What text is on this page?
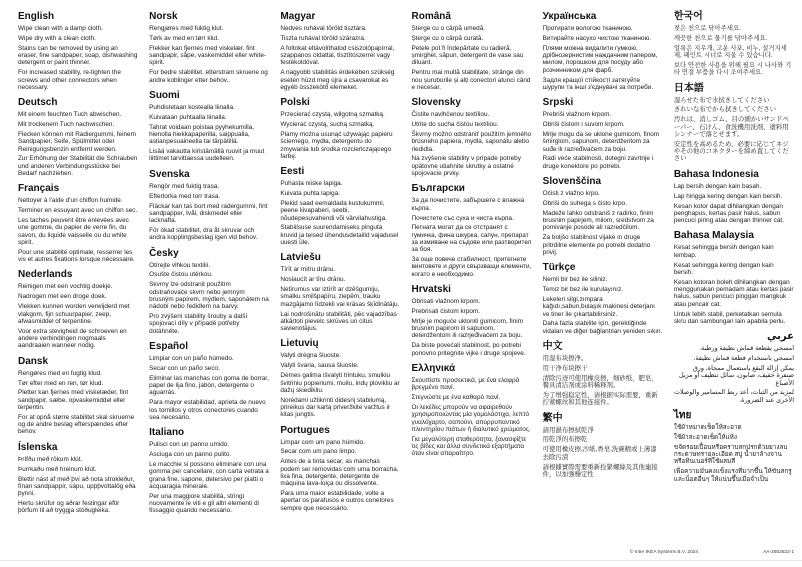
English

Wipe clean with a damp cloth.

Wipe dry with a clean cloth.

Stains can be removed by using an eraser, fine sandpaper, soap, dishwashing detergent or paint thinner.

For increased stability, re-tighten the screws and other connectors when necessary.

Deutsch

Mit einem feuchten Tuch abwischen.

Mit trockenem Tuch nachwischen.

Flecken können mit Radiergummi, feinem Sandpapier, Seife, Spülmittel oder Reinigungsbenzin entfernt werden.

Zur Erhöhung der Stabilität die Schrauben und anderen Verbindungsstücke bei Bedarf nachziehen.

Français

Nettoyer à l'aide d'un chiffon humide.

Terminer en essuyant avec un chiffon sec.

Les taches peuvent être enlevées avec une gomme, du papier de verre fin, du savon, du liquide vaisselle ou du white spirit.

Pour une stabilité optimale, resserrer les vis et autres fixations lorsque nécessaire.

Nederlands

Reinigen met een vochtig doekje.

Nadrogen met een droge doek.

Vlekken kunnen worden verwijderd met vlakgom, fijn schuurpapier, zeep, afwasmiddel of terpentine.

Voor extra stevigheid de schroeven en andere verbindingen nogmaals aandraaien wanneer nodig.

Dansk

Rengøres med en fugtig klud.

Tør efter med en ren, tør klud.

Pletter kan fjernes med viskelæder, fint sandpapir, sæbe, opvaskemiddel eller terpentin.

For at opnå større stabilitet skal skruerne og de andre beslag efterspændes efter behov.

Íslenska

Þrífðu með rökum klút.

Þurrkaðu með hreinum klút.

Blettir nást af með því að nota strokleður, fínan sandpappír, sápu, uppþvottalög eða þynni.

Hertu skrúfur og aðrar festingar eftir þörfum til að tryggja stöðugleika.

Norsk

Rengjøres med fuktig klut.

Tørk av med en tørr klut.

Flekker kan fjernes med viskelær, fint sandpapir, såpe, vaskemiddel eller white-spirit.

For bedre stabilitet, etterstram skruene og andre koblinger etter behov..

Suomi

Puhdistetaan kostealla liinalla.

Kuivataan puhtaalla liinalla.

Tahrat voidaan poistaa pyyhekumilla, hienolla hiekkapaperilla, saippualla, astianpesuaineella tai tärpätillä.

Lisää vakautta kiristämällä ruuvit ja muut liittimet tarvittaessa uudelleen.

Svenska

Rengör med fuktig trasa.

Eftertorka med torr trasa.

Fläckar kan tas bort med radergummi, fint sandpapper, tvål, diskmedel eller lacknafta.

För ökad stabilitet, dra åt skruvar och andra kopplingsbeslag igen vid behov.

Česky

Otírejte vlhkou textilií.

Osušte čistou utěrkou.

Skvrny lze odstranit použitím odstraňovače skvrn nebo jemným brusným papírem, mýdlem, saponátem na nádobí nebo ředidlem na barvy.

Pro zvýšení stability šrouby a další spojovací díly v případě potřeby dotáhněte.

Español

Limpiar con un paño húmedo.

Secar con un paño seco.

Eliminar las manchas con goma de borrar, papel de lija fino, jabón, detergente o aguarrás.

Para mayor estabilidad, aprieta de nuevo los tornillos y otros conectores cuando sea necesario.

Italiano

Pulisci con un panno umido.

Asciuga con un panno pulito.

Le macchie si possono eliminare con una gomma per cancellare, con carta vetrata a grana fine, sapone, detersivo per piatti o acquaragia minerale.

Per una maggiore stabilità, stringi nuovamente le viti e gli altri elementi di fissaggio quando necessario.

Magyar

Nedves ruhával töröld tisztára.

Tiszta ruhával töröld szárazra.

A foltokat eltávolíthatod csiszolópapírral, szappanos oldattal, tisztítószerrel vagy festékoldóval.

A nagyobb stabilitás érdekében szükség esetén húzd meg újra a csavarokat és egyéb összekötő elemeket.

Polski

Przecierać czystą, wilgotną szmatką.

Wycierać czystą, suchą szmatką.

Plamy można usunąć używając papieru ściernego, mydła, detergentu do zmywania lub środka rozcieńczającego farbę.

Eesti

Puhasta niiske lapiga.

Kuivata puhta lapiga.

Plekid saad eemaldada kustukummi, peene liivapaberi, seebi, nõudepesuvahendi või värvilahustiga.

Stabiilsuse suurendamiseks pinguta kruvid ja teised ühendusdetailid vajadusel uuesti üle.

Latviešu

Tīrīt ar mitru drānu.

Noslaucīt ar tīru drānu.

Netīrumus var iztīrīt ar dzēšgumiju, smalku smilšpapīru, ziepēm, trauku mazgājamo līdzekli vai krāsas šķīdinātāju.

Lai nodrošinātu stabilitāti, pēc vajadzības atkārtoti pievelc skrūves un citus savienotājus.

Lietuvių

Valyti drėgna šluoste.

Valyti švaria, sausa šluoste.

Dėmes galima išvalyti trintuku, smulkiu švitriniu popieriumi, muilu, indų plovikliu ar dažų skiedikliu.

Norėdami užtikrinti didesnį stabilumą, prireikus dar kartą priveržkite varžtus ir kitas jungtis.

Portugues

Limpar com um pano húmido.

Secar com um pano limpo.

Antes de a tinta secar, as manchas podem ser removidas com uma borracha, lixa fina, detergente, detergente de máquina lava-loiça ou dissolvente.

Para uma maior estabilidade, volte a apertar os parafusos e outros conetores sempre que necessário.

Română

Șterge cu o cârpă umedă.

Șterge cu o cârpă curată.

Petele pot fi îndepărtate cu radieră, șmirghel, săpun, detergent de vase sau diluant.

Pentru mai multă stabilitate, strânge din nou șuruburile și alți conectori atunci când e necesar.

Slovensky

Čistite navlhčenou textíliou.

Utrite do sucha čistou textíliou.

Škvrny možno odstrániť použitím jemného brúsneho papiera, mydla, saponátu alebo riedidla.

Na zvýšenie stability v prípade potreby opätovne utiahnite skrutky a ostatné spojovacie prvky.

Български

За да почистите, забършете с влажна кърпа.

Почистете със суха и чиста кърпа.

Петната могат да се отстранят с гумичка, фина шкурка, сапун, препарат за измиване на съдове или разтворител за боя.

За още повече стабилност, притегнете винтовете и други свързващи елементи, когато е необходимо.

Hrvatski

Obrisati vlažnom krpom.

Prebrisati čistom krpom.

Mrlje je moguće ukloniti gumicom, finim brusnim papirom ili sapunom, deterdžentom ili razrjeđivačem za boju.

Da biste povećali stabilnost, po potrebi ponovno pritegnite vijke i druge spojeve.

Ελληνικά

Σκουπίστε προσεκτικά, με ένα ελαφρά βρεγμένο πανί.

Στεγνώστε με ένα καθαρό πανί.

Οι λεκέδες μπορούν να αφαιρεθούν χρησιμοποιώντας μία γομολάστιχα, λεπτό γυαλόχαρτο, σαπούνι, απορρυπαντικό πλυντηρίου πιάτων ή διαλυτικό χρώματος.

Για μεγαλύτερη σταθερότητα, ξανασφίξτε τις βίδες και άλλα συνδετικά εξαρτήματα όταν είναι απαραίτητο.

Українська

Протирати вологою тканиною.

Витирайте насухо чистою тканиною.

Плями можна видалити гумкою, дрібнозернистим наждачним папером, милом, порошком для посуду або розчинником для фарб.

Задля кращої стійкості затягуйте шурупи та інші з'єднувачі за потреби.

Srpski

Prebriši vlažnom krpom.

Obriši čistom i suvom krpom.

Mrlje mogu da se uklone gumicom, finom šmirglom, sapunom, deterdžentom za suđe ili razređivačem za boju.

Radi veće stabilnosti, dotegni zavrtnje i druge konektore po potrebi.

Slovenščina

Očisti z vlažno krpo.

Obriši do suhega s čisto krpo.

Madeže lahko odstraniš z radirko, finim brusnim papirjem, milom, sredstvom za pomivanje posode ali razredčilom.

Za boljšo stabilnost vijake in druge pritrdilne elemente po potrebi dodatno privij.

Türkçe

Nemli bir bez ile siliniz.

Temiz bir bez ile kurulayınız.

Lekeleri silgi,zımpara kağıdı,sabun,bulaşık makinesi deterjanı ve tiner ile çıkartabilirsiniz.

Daha fazla stabilite için, gerektiğinde vidaları ve diğer bağlantıları yeniden sıkın.

中文

用湿布块擦净。

用干净布块擦干

清除污迹可使用橡皮擦，细砂纸，肥皂，餐具清洁剂或涂料稀释剂。

为了增强稳定性，请根据实际需要，重新拧紧螺丝和其他连接件。

繁中

請用濕布擦拭乾淨

用乾淨的布擦乾

可使用橡皮擦,沙紙,香皂,洗碗精或上薄漆去除污漬

請根據實際需要重新拴緊螺絲及其他連接件，以加強穩定性

한국어

젖은 천으로 닦아주세요.

깨끗한 천으로 물기를 닦아주세요.

얼룩은 지우개, 고운 사포, 비누, 설거지세제, 페인트 시너로 지울 수 있습니다.

보다 안전한 사용을 위해 필요 시 나사와 기타 연결 부품을 다시 조여주세요.

日本語

湿らせた布で水拭きしてください

きれいな布でから拭きしてください

汚れは、消しゴム、目の細かいサンドペーパー、石けん、食洗機用洗剤、塗料用シンナーで落とせます。

安定性を高めるため、必要に応じてネジやその他のコネクターを締め直してください

Bahasa Indonesia

Lap bersih dengan kain basah.

Lap hingga kering dengan kain bersih.

Kesan kotor dapat dihilangkan dengan penghapus, kertas pasir halus, sabun pencuci piring atau dengan thinner cat.

Bahasa Malaysia

Kesat sehingga bersih dengan kain lembap.

Kesat sehingga kering dengan kain bersih.

Kesan kotoran boleh dihilangkan dengan menggunakan pemadam atau kertas pasir halus, sabun pencuci pinggan mangkuk atau pencair cat.

Untuk lebih stabil, perketatkan semula skru dan sambungan lain apabila perlu.

عربي

امسحي بقطعة قماش نظيفة ورطبة.

امسحي باستخدام قطعة قماش نظيفة.

يمكن إزالة البقع باستعمال ممحاة، ورق صنفرة خفيف، صابون، سائل تنظيف أو مزيل الأصباغ

لمزيد من الثبات، أعد ربط المسامير والوصلات الأخرى عند الضرورة.

ไทย

ใช้ผ้าหมาดเช็ดให้สะอาด

ใช้ผ้าสะอาดเช็ดให้แห้ง

ขจัดรอยเปื้อนหรือคราบสกปรกด้วยยางลบ กระดาษทรายละเอียด สบู่ น้ำยาล้างจาน หรือทินเนอร์ที่ใช้ผสมสี

เพื่อความมั่นคงแข็งแรงที่มากขึ้น ให้ขันสกรูและน็อตอื่นๆ ให้แน่นขึ้นเมื่อจำเป็น

© Inter IKEA Systems B.V. 2024	AA-2553522-1
